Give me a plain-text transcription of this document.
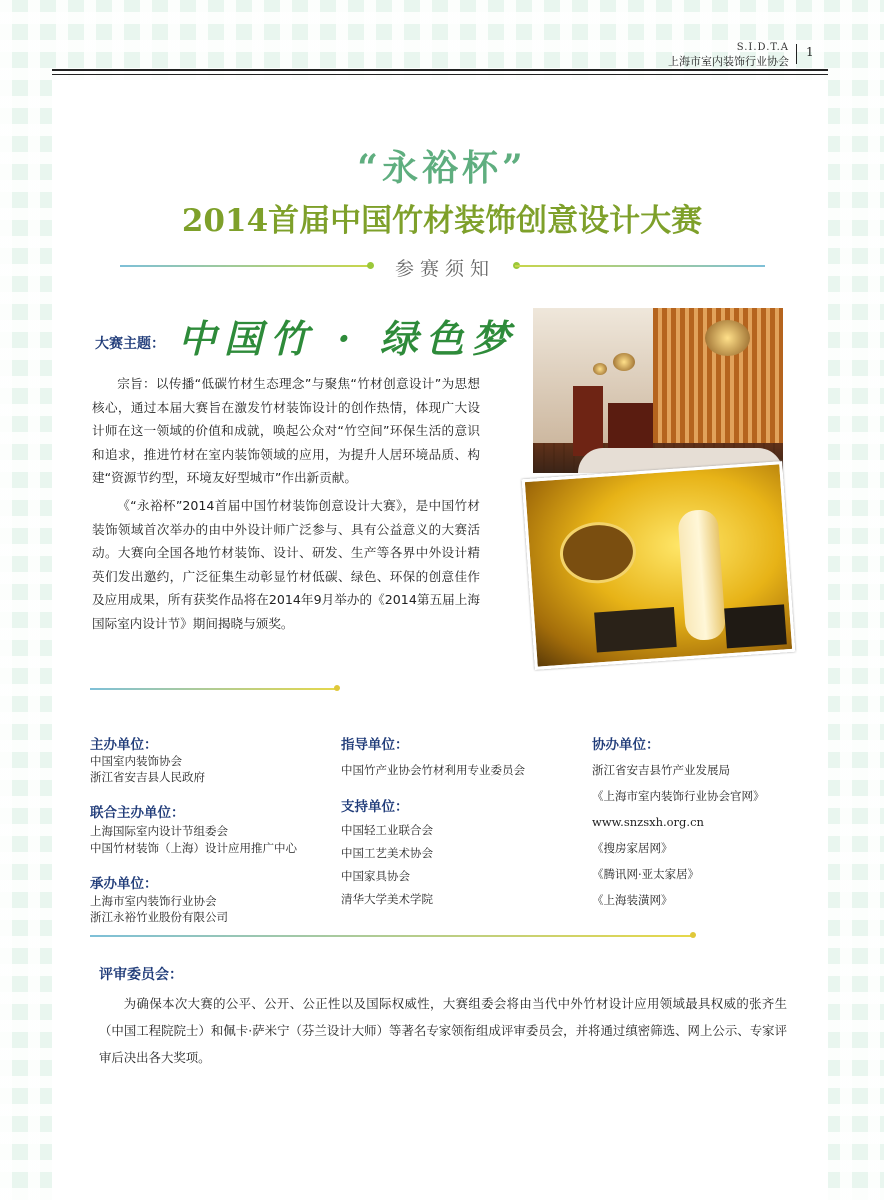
S.I.D.T.A
上海市室内装饰行业协会
1
“永裕杯”
2014首届中国竹材装饰创意设计大赛
参赛须知
大赛主题： 中国竹 · 绿色梦
宗旨：以传播“低碳竹材生态理念”与聚焦“竹材创意设计”为思想核心，通过本届大赛旨在激发竹材装饰设计的创作热情，体现广大设计师在这一领域的价值和成就，唤起公众对“竹空间”环保生活的意识和追求，推进竹材在室内装饰领域的应用，为提升人居环境品质、构建“资源节约型，环境友好型城市”作出新贡献。
《“永裕杯”2014首届中国竹材装饰创意设计大赛》，是中国竹材装饰领域首次举办的由中外设计师广泛参与、具有公益意义的大赛活动。大赛向全国各地竹材装饰、设计、研发、生产等各界中外设计精英们发出邀约，广泛征集生动彰显竹材低碳、绿色、环保的创意佳作及应用成果，所有获奖作品将在2014年9月举办的《2014第五届上海国际室内设计节》期间揭晓与颁奖。
主办单位：
中国室内装饰协会
浙江省安吉县人民政府
联合主办单位：
上海国际室内设计节组委会
中国竹材装饰（上海）设计应用推广中心
承办单位：
上海市室内装饰行业协会
浙江永裕竹业股份有限公司
指导单位：
中国竹产业协会竹材利用专业委员会
支持单位：
中国轻工业联合会
中国工艺美术协会
中国家具协会
清华大学美术学院
协办单位：
浙江省安吉县竹产业发展局
《上海市室内装饰行业协会官网》
www.snzsxh.org.cn
《搜房家居网》
《腾讯网·亚太家居》
《上海装潢网》
评审委员会：
为确保本次大赛的公平、公开、公正性以及国际权威性，大赛组委会将由当代中外竹材设计应用领域最具权威的张齐生（中国工程院院士）和佩卡·萨米宁（芬兰设计大师）等著名专家领衔组成评审委员会，并将通过缜密筛选、网上公示、专家评审后决出各大奖项。
